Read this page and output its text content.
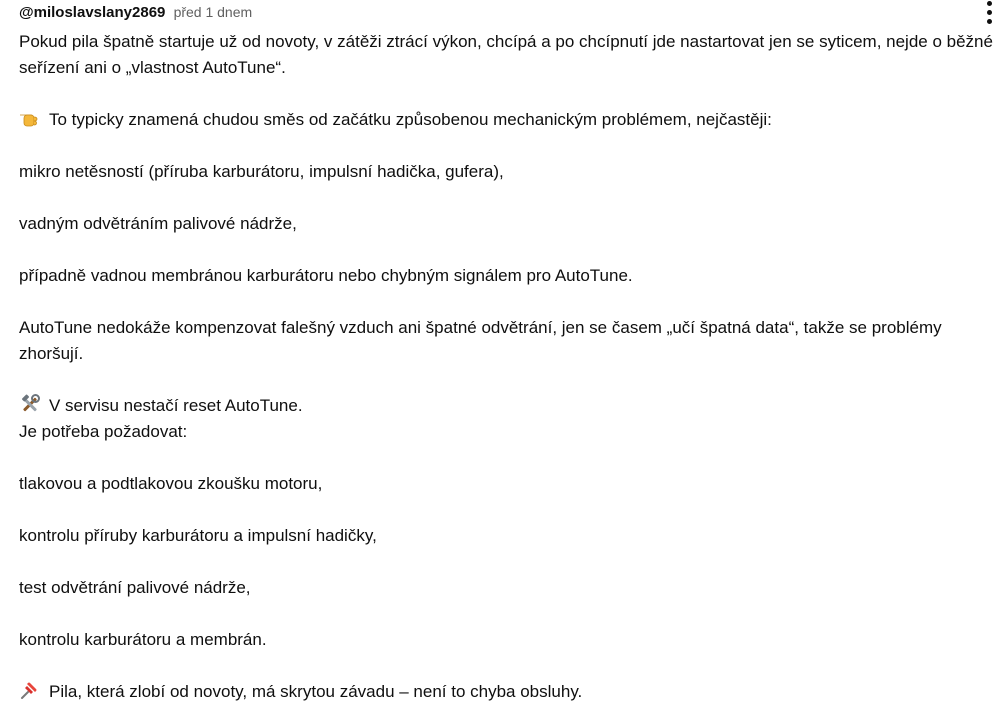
@miloslavslany2869 před 1 dnem

Pokud pila špatně startuje už od novoty, v zátěži ztrácí výkon, chcípá a po chcípnutí jde nastartovat jen se syticem, nejde o běžné seřízení ani o „vlastnost AutoTune“.

To typicky znamená chudou směs od začátku způsobenou mechanickým problémem, nejčastěji:

mikro netěsností (příruba karburátoru, impulsní hadička, gufera),

vadným odvětráním palivové nádrže,

případně vadnou membránou karburátoru nebo chybným signálem pro AutoTune.

AutoTune nedokáže kompenzovat falešný vzduch ani špatné odvětrání, jen se časem „učí špatná data“, takže se problémy zhoršují.

V servisu nestačí reset AutoTune.

Je potřeba požadovat:

tlakovou a podtlakovou zkoušku motoru,

kontrolu příruby karburátoru a impulsní hadičky,

test odvětrání palivové nádrže,

kontrolu karburátoru a membrán.

Pila, která zlobí od novoty, má skrytou závadu – není to chyba obsluhy.
